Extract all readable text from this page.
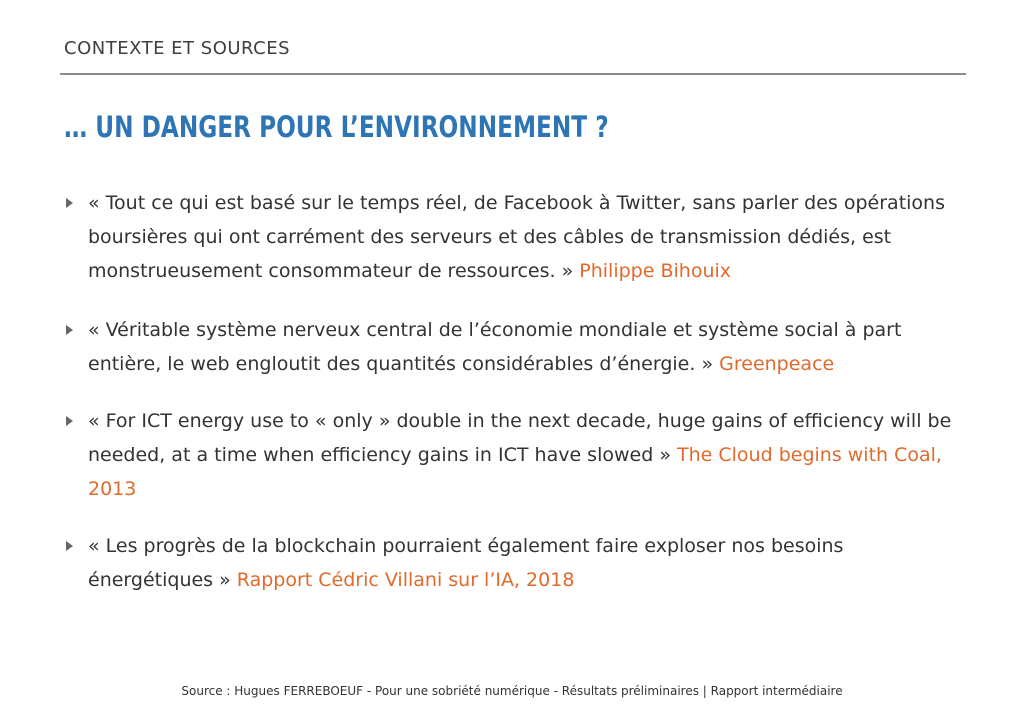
CONTEXTE ET SOURCES
… UN DANGER POUR L’ENVIRONNEMENT ?
« Tout ce qui est basé sur le temps réel, de Facebook à Twitter, sans parler des opérations boursières qui ont carrément des serveurs et des câbles de transmission dédiés, est monstrueusement consommateur de ressources. » Philippe Bihouix
« Véritable système nerveux central de l’économie mondiale et système social à part entière, le web engloutit des quantités considérables d’énergie. » Greenpeace
« For ICT energy use to « only » double in the next decade, huge gains of efficiency will be needed, at a time when efficiency gains in ICT have slowed » The Cloud begins with Coal, 2013
« Les progrès de la blockchain pourraient également faire exploser nos besoins énergétiques » Rapport Cédric Villani sur l’IA, 2018
Source : Hugues FERREBOEUF - Pour une sobriété numérique - Résultats préliminaires | Rapport intermédiaire
